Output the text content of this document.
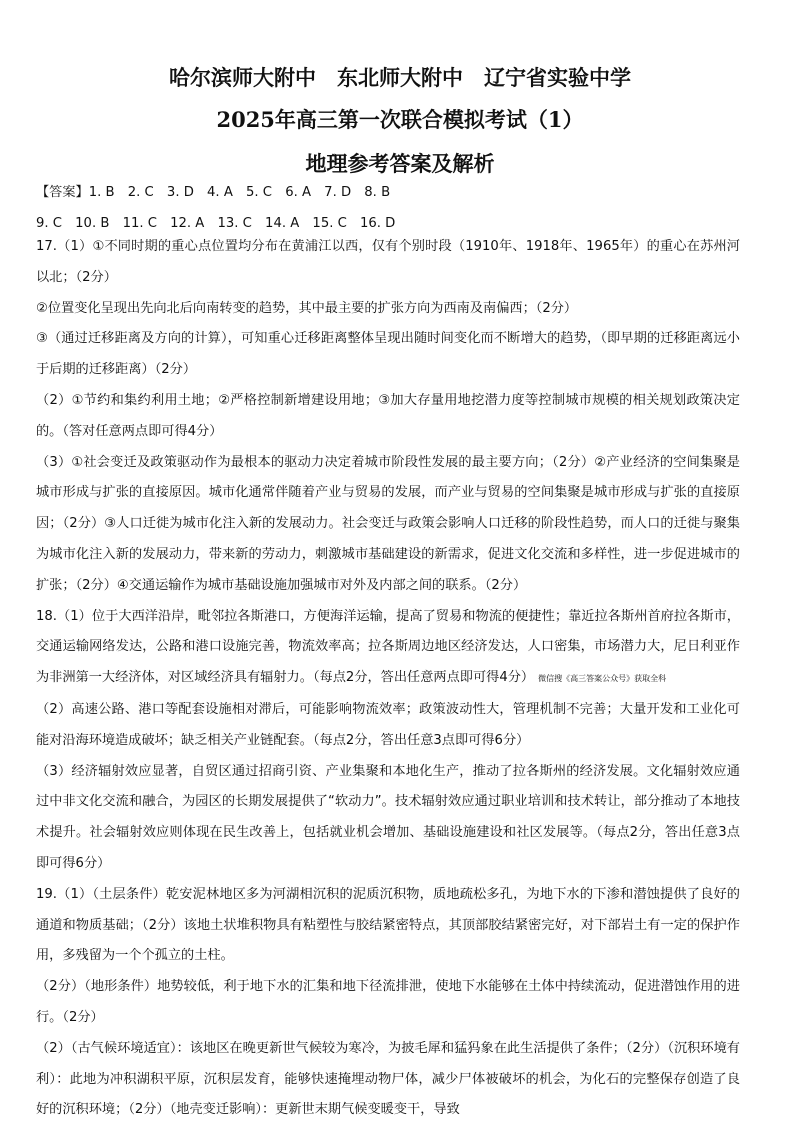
哈尔滨师大附中　东北师大附中　辽宁省实验中学
2025年高三第一次联合模拟考试（1）
地理参考答案及解析
【答案】1. B　2. C　3. D　4. A　5. C　6. A　7. D　8. B
9. C　10. B　11. C　12. A　13. C　14. A　15. C　16. D

17.（1）①不同时期的重心点位置均分布在黄浦江以西，仅有个别时段（1910年、1918年、1965年）的重心在苏州河以北；（2分）

②位置变化呈现出先向北后向南转变的趋势，其中最主要的扩张方向为西南及南偏西；（2分）

③（通过迁移距离及方向的计算），可知重心迁移距离整体呈现出随时间变化而不断增大的趋势，（即早期的迁移距离远小于后期的迁移距离）（2分）

（2）①节约和集约利用土地；②严格控制新增建设用地；③加大存量用地挖潜力度等控制城市规模的相关规划政策决定的。（答对任意两点即可得4分）

（3）①社会变迁及政策驱动作为最根本的驱动力决定着城市阶段性发展的最主要方向；（2分）②产业经济的空间集聚是城市形成与扩张的直接原因。城市化通常伴随着产业与贸易的发展，而产业与贸易的空间集聚是城市形成与扩张的直接原因；（2分）③人口迁徙为城市化注入新的发展动力。社会变迁与政策会影响人口迁移的阶段性趋势，而人口的迁徙与聚集为城市化注入新的发展动力，带来新的劳动力，刺激城市基础建设的新需求，促进文化交流和多样性，进一步促进城市的扩张；（2分）④交通运输作为城市基础设施加强城市对外及内部之间的联系。（2分）

18.（1）位于大西洋沿岸，毗邻拉各斯港口，方便海洋运输，提高了贸易和物流的便捷性；靠近拉各斯州首府拉各斯市，交通运输网络发达，公路和港口设施完善，物流效率高；拉各斯周边地区经济发达，人口密集，市场潜力大，尼日利亚作为非洲第一大经济体，对区域经济具有辐射力。（每点2分，答出任意两点即可得4分） 微信搜《高三答案公众号》获取全科

（2）高速公路、港口等配套设施相对滞后，可能影响物流效率；政策波动性大，管理机制不完善；大量开发和工业化可能对沿海环境造成破坏；缺乏相关产业链配套。（每点2分，答出任意3点即可得6分）

（3）经济辐射效应显著，自贸区通过招商引资、产业集聚和本地化生产，推动了拉各斯州的经济发展。文化辐射效应通过中非文化交流和融合，为园区的长期发展提供了“软动力”。技术辐射效应通过职业培训和技术转让，部分推动了本地技术提升。社会辐射效应则体现在民生改善上，包括就业机会增加、基础设施建设和社区发展等。（每点2分，答出任意3点即可得6分）

19.（1）（土层条件）乾安泥林地区多为河湖相沉积的泥质沉积物，质地疏松多孔，为地下水的下渗和潜蚀提供了良好的通道和物质基础；（2分）该地土状堆积物具有粘塑性与胶结紧密特点，其顶部胶结紧密完好，对下部岩土有一定的保护作用，多残留为一个个孤立的土柱。

（2分）（地形条件）地势较低，利于地下水的汇集和地下径流排泄，使地下水能够在土体中持续流动，促进潜蚀作用的进行。（2分）

（2）（古气候环境适宜）：该地区在晚更新世气候较为寒冷，为披毛犀和猛犸象在此生活提供了条件；（2分）（沉积环境有利）：此地为冲积湖积平原，沉积层发育，能够快速掩埋动物尸体，减少尸体被破坏的机会，为化石的完整保存创造了良好的沉积环境；（2分）（地壳变迁影响）：更新世末期气候变暖变干，导致
